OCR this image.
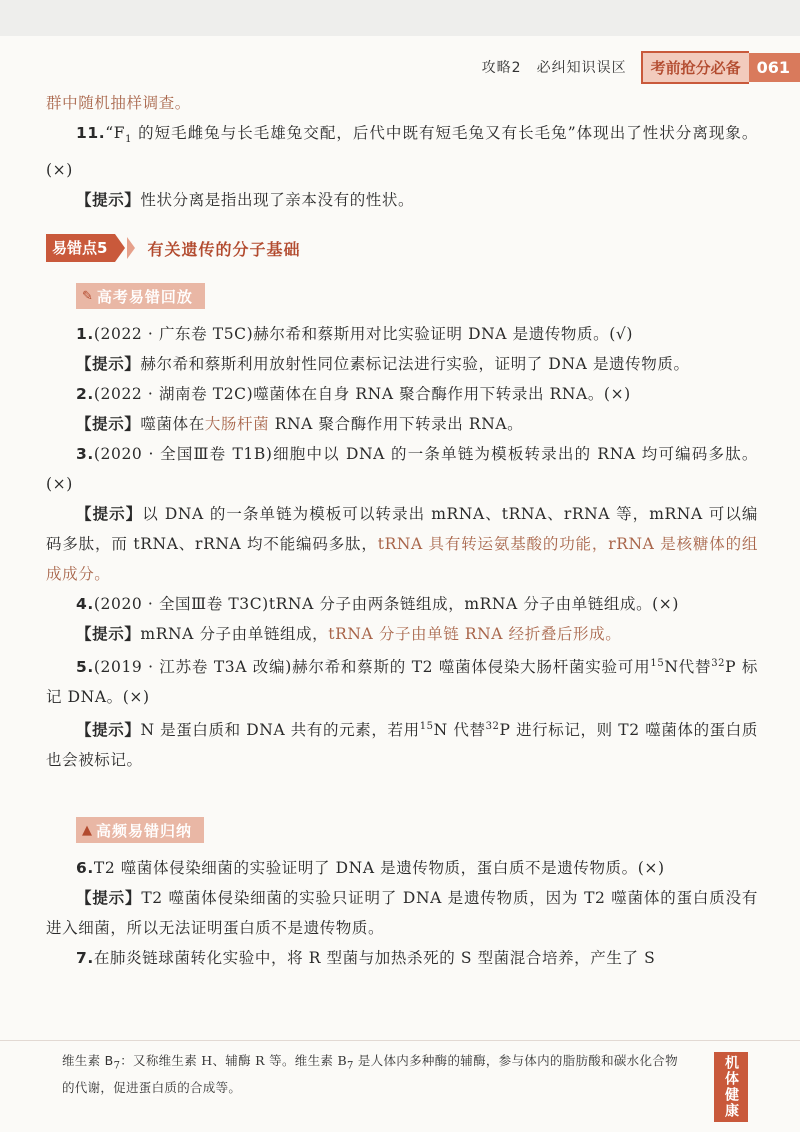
攻略2　必纠知识误区	考前抢分必备	061

群中随机抽样调查。

$11.“F_1$ 的短毛雌兔与长毛雄兔交配，后代中既有短毛兔又有长毛兔”体现出了性状分离现象。(×)

【提示】性状分离是指出现了亲本没有的性状。

易错点5	有关遗传的分子基础
✎ 高考易错回放

1.(2022 · 广东卷 T5C)赫尔希和蔡斯用对比实验证明 DNA 是遗传物质。(√)

【提示】赫尔希和蔡斯利用放射性同位素标记法进行实验，证明了 DNA 是遗传物质。

2.(2022 · 湖南卷 T2C)噬菌体在自身 RNA 聚合酶作用下转录出 RNA。(×)

【提示】噬菌体在大肠杆菌 RNA 聚合酶作用下转录出 RNA。

3.(2020 · 全国Ⅲ卷 T1B)细胞中以 DNA 的一条单链为模板转录出的 RNA 均可编码多肽。(×)

【提示】以 DNA 的一条单链为模板可以转录出 mRNA、tRNA、rRNA 等，mRNA 可以编码多肽，而 tRNA、rRNA 均不能编码多肽，tRNA 具有转运氨基酸的功能，rRNA 是核糖体的组成成分。

4.(2020 · 全国Ⅲ卷 T3C)tRNA 分子由两条链组成，mRNA 分子由单链组成。(×)

【提示】mRNA 分子由单链组成，tRNA 分子由单链 RNA 经折叠后形成。

5.(2019 · 江苏卷 T3A 改编)赫尔希和蔡斯的 T2 噬菌体侵染大肠杆菌实验可用$^{15}$N代替$^{32}$P 标记 DNA。(×)

【提示】N 是蛋白质和 DNA 共有的元素，若用$^{15}$N 代替$^{32}$P 进行标记，则 T2 噬菌体的蛋白质也会被标记。

▲ 高频易错归纳

6.T2 噬菌体侵染细菌的实验证明了 DNA 是遗传物质，蛋白质不是遗传物质。(×)

【提示】T2 噬菌体侵染细菌的实验只证明了 DNA 是遗传物质，因为 T2 噬菌体的蛋白质没有进入细菌，所以无法证明蛋白质不是遗传物质。

7.在肺炎链球菌转化实验中，将 R 型菌与加热杀死的 S 型菌混合培养，产生了 S

维生素 $B_7$：又称维生素 H、辅酶 R 等。维生素 $B_7$ 是人体内多种酶的辅酶，参与体内的脂肪酸和碳水化合物的代谢，促进蛋白质的合成等。	机体健康
